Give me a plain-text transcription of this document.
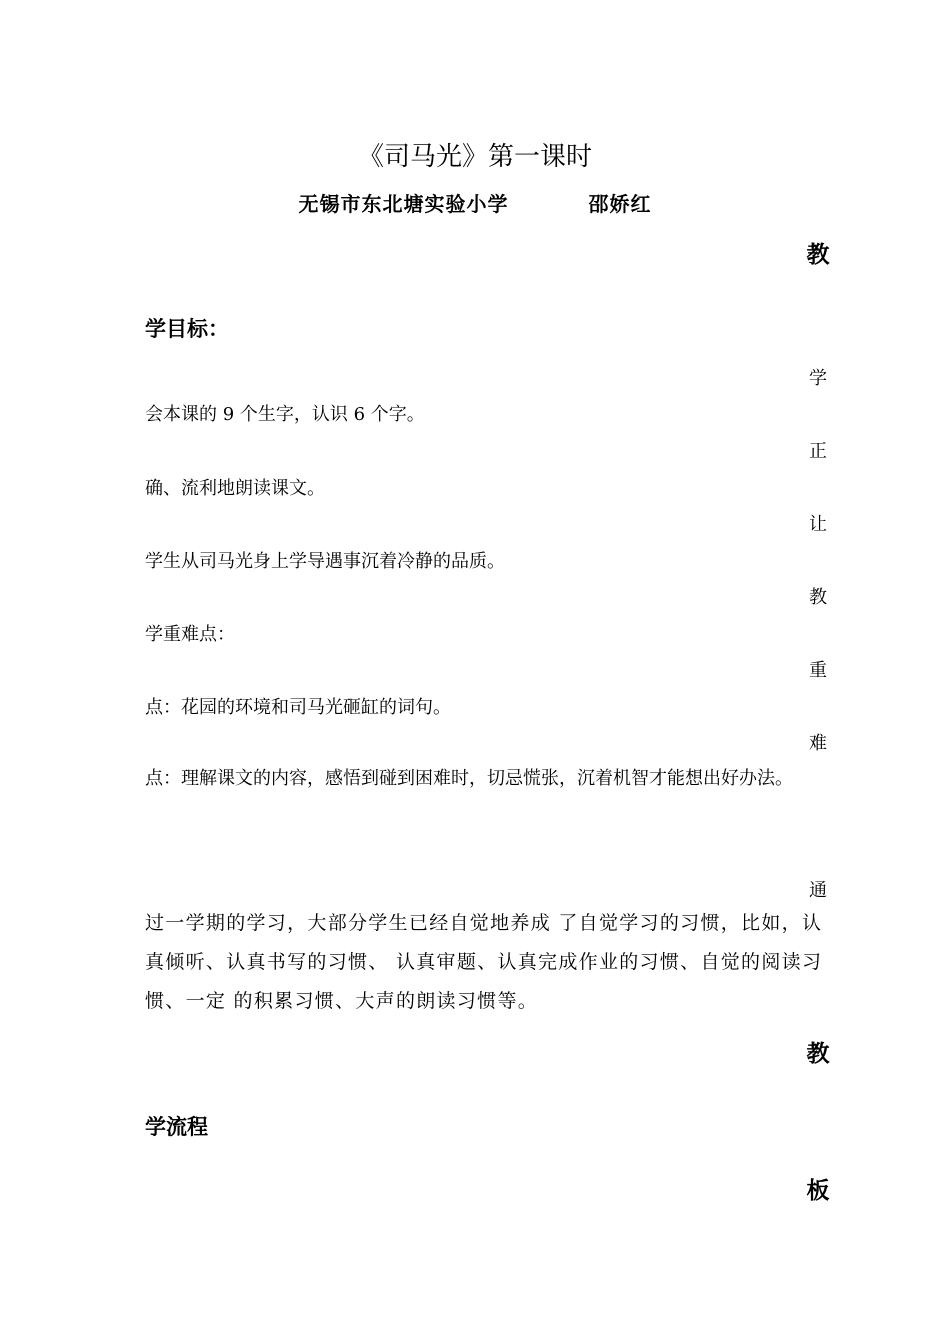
《司马光》第一课时
无锡市东北塘实验小学	邵娇红
教
学
正
让
教
重
难
通
教
板
学目标：
会本课的 9 个生字，认识 6 个字。
确、流利地朗读课文。
学生从司马光身上学导遇事沉着冷静的品质。
学重难点：
点：花园的环境和司马光砸缸的词句。
点：理解课文的内容，感悟到碰到困难时，切忌慌张，沉着机智才能想出好办法。
过一学期的学习，大部分学生已经自觉地养成 了自觉学习的习惯，比如，认真倾听、认真书写的习惯、 认真审题、认真完成作业的习惯、自觉的阅读习惯、一定 的积累习惯、大声的朗读习惯等。
学流程
